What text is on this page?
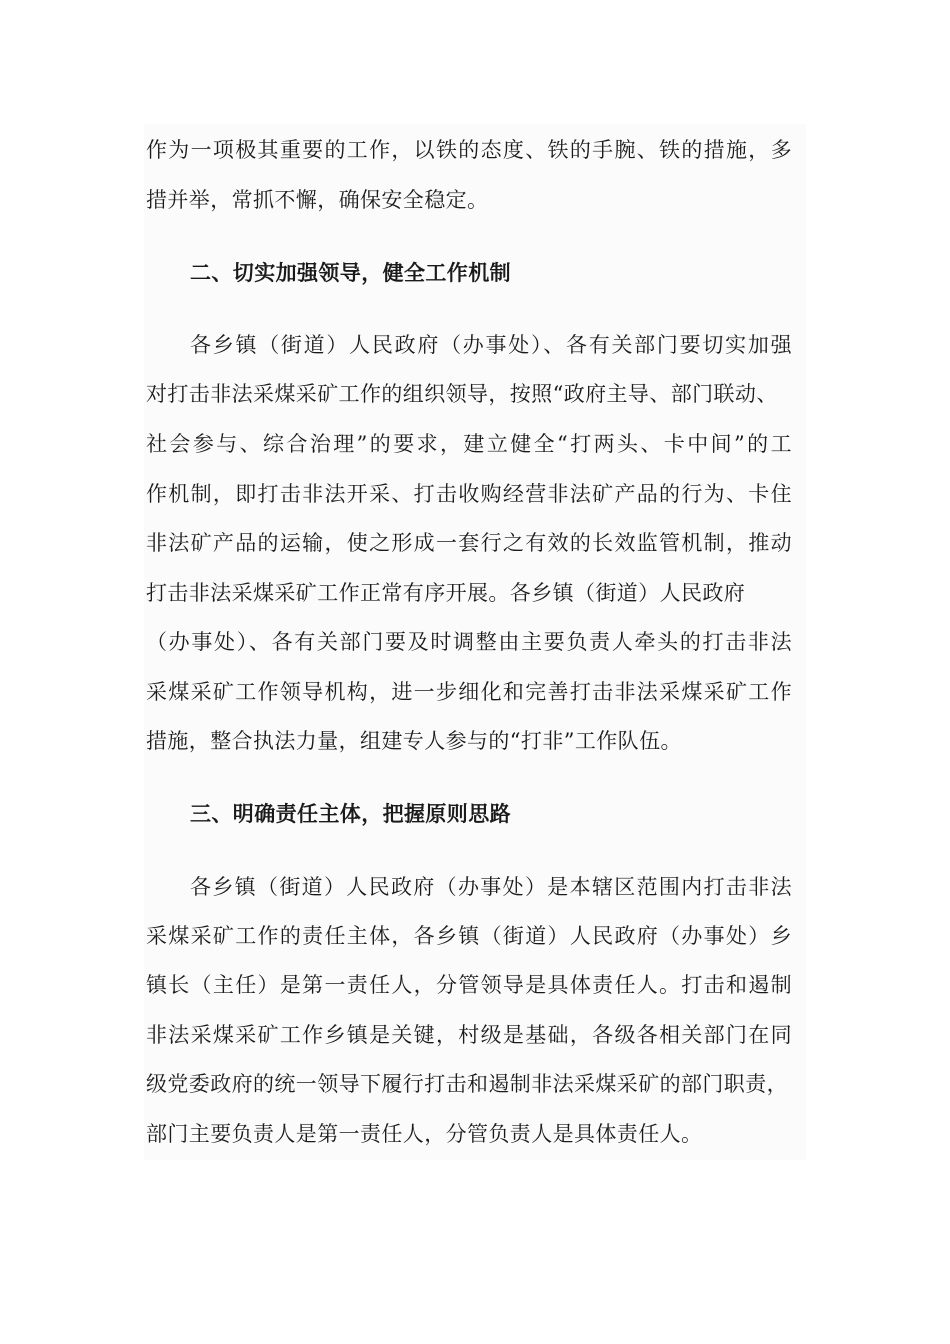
作为一项极其重要的工作，以铁的态度、铁的手腕、铁的措施，多
措并举，常抓不懈，确保安全稳定。
二、切实加强领导，健全工作机制
各乡镇（街道）人民政府（办事处）、各有关部门要切实加强
对打击非法采煤采矿工作的组织领导，按照“政府主导、部门联动、
社会参与、综合治理”的要求，建立健全“打两头、卡中间”的工
作机制，即打击非法开采、打击收购经营非法矿产品的行为、卡住
非法矿产品的运输，使之形成一套行之有效的长效监管机制，推动
打击非法采煤采矿工作正常有序开展。各乡镇（街道）人民政府
（办事处）、各有关部门要及时调整由主要负责人牵头的打击非法
采煤采矿工作领导机构，进一步细化和完善打击非法采煤采矿工作
措施，整合执法力量，组建专人参与的“打非”工作队伍。
三、明确责任主体，把握原则思路
各乡镇（街道）人民政府（办事处）是本辖区范围内打击非法
采煤采矿工作的责任主体，各乡镇（街道）人民政府（办事处）乡
镇长（主任）是第一责任人，分管领导是具体责任人。打击和遏制
非法采煤采矿工作乡镇是关键，村级是基础，各级各相关部门在同
级党委政府的统一领导下履行打击和遏制非法采煤采矿的部门职责，
部门主要负责人是第一责任人，分管负责人是具体责任人。
